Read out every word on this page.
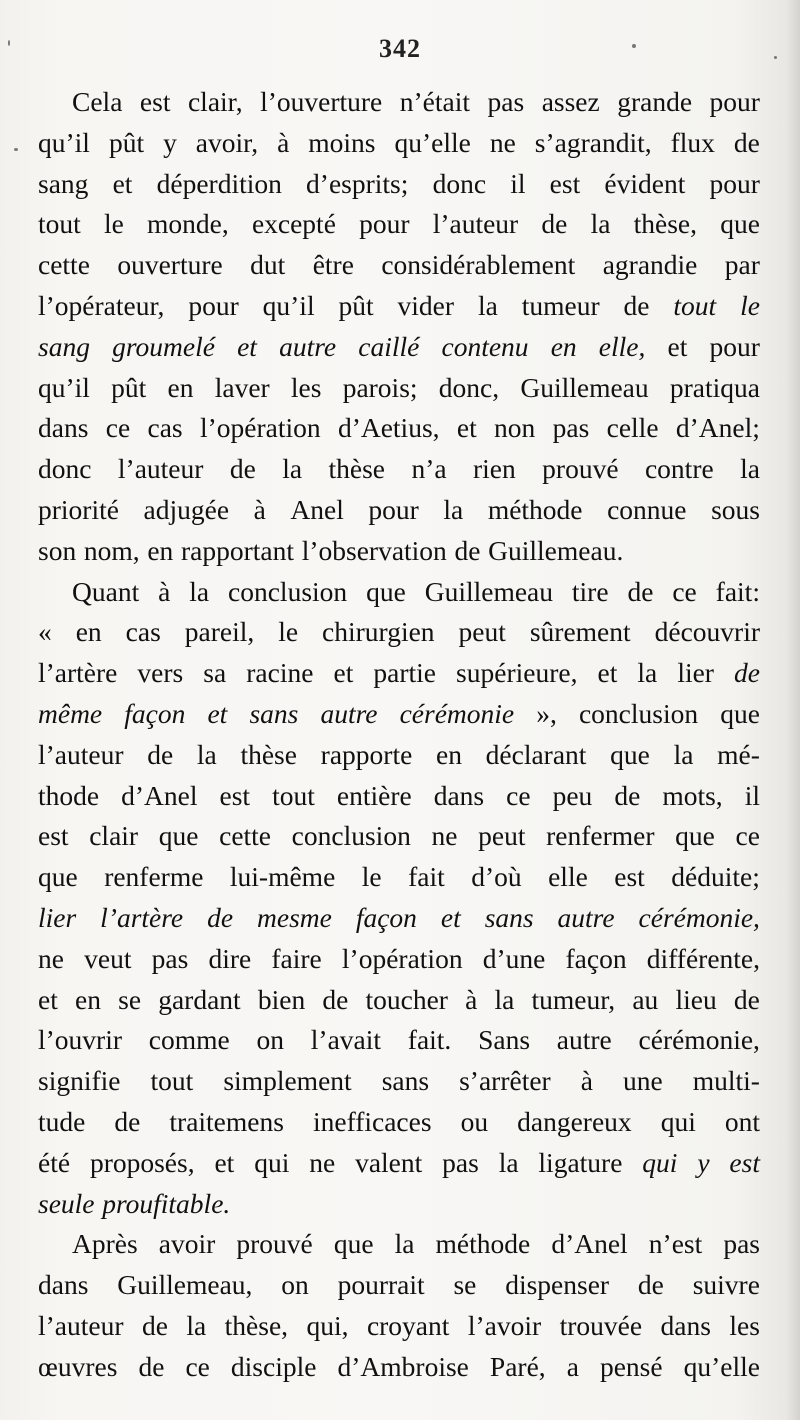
342
Cela est clair, l’ouverture n’était pas assez grande pour
qu’il pût y avoir, à moins qu’elle ne s’agrandit, flux de
sang et déperdition d’esprits; donc il est évident pour
tout le monde, excepté pour l’auteur de la thèse, que
cette ouverture dut être considérablement agrandie par
l’opérateur, pour qu’il pût vider la tumeur de tout le
sang groumelé et autre caillé contenu en elle, et pour
qu’il pût en laver les parois; donc, Guillemeau pratiqua
dans ce cas l’opération d’Aetius, et non pas celle d’Anel;
donc l’auteur de la thèse n’a rien prouvé contre la
priorité adjugée à Anel pour la méthode connue sous
son nom, en rapportant l’observation de Guillemeau.
Quant à la conclusion que Guillemeau tire de ce fait:
« en cas pareil, le chirurgien peut sûrement découvrir
l’artère vers sa racine et partie supérieure, et la lier de
même façon et sans autre cérémonie », conclusion que
l’auteur de la thèse rapporte en déclarant que la mé-
thode d’Anel est tout entière dans ce peu de mots, il
est clair que cette conclusion ne peut renfermer que ce
que renferme lui-même le fait d’où elle est déduite;
lier l’artère de mesme façon et sans autre cérémonie,
ne veut pas dire faire l’opération d’une façon différente,
et en se gardant bien de toucher à la tumeur, au lieu de
l’ouvrir comme on l’avait fait. Sans autre cérémonie,
signifie tout simplement sans s’arrêter à une multi-
tude de traitemens inefficaces ou dangereux qui ont
été proposés, et qui ne valent pas la ligature qui y est
seule proufitable.
Après avoir prouvé que la méthode d’Anel n’est pas
dans Guillemeau, on pourrait se dispenser de suivre
l’auteur de la thèse, qui, croyant l’avoir trouvée dans les
œuvres de ce disciple d’Ambroise Paré, a pensé qu’elle
